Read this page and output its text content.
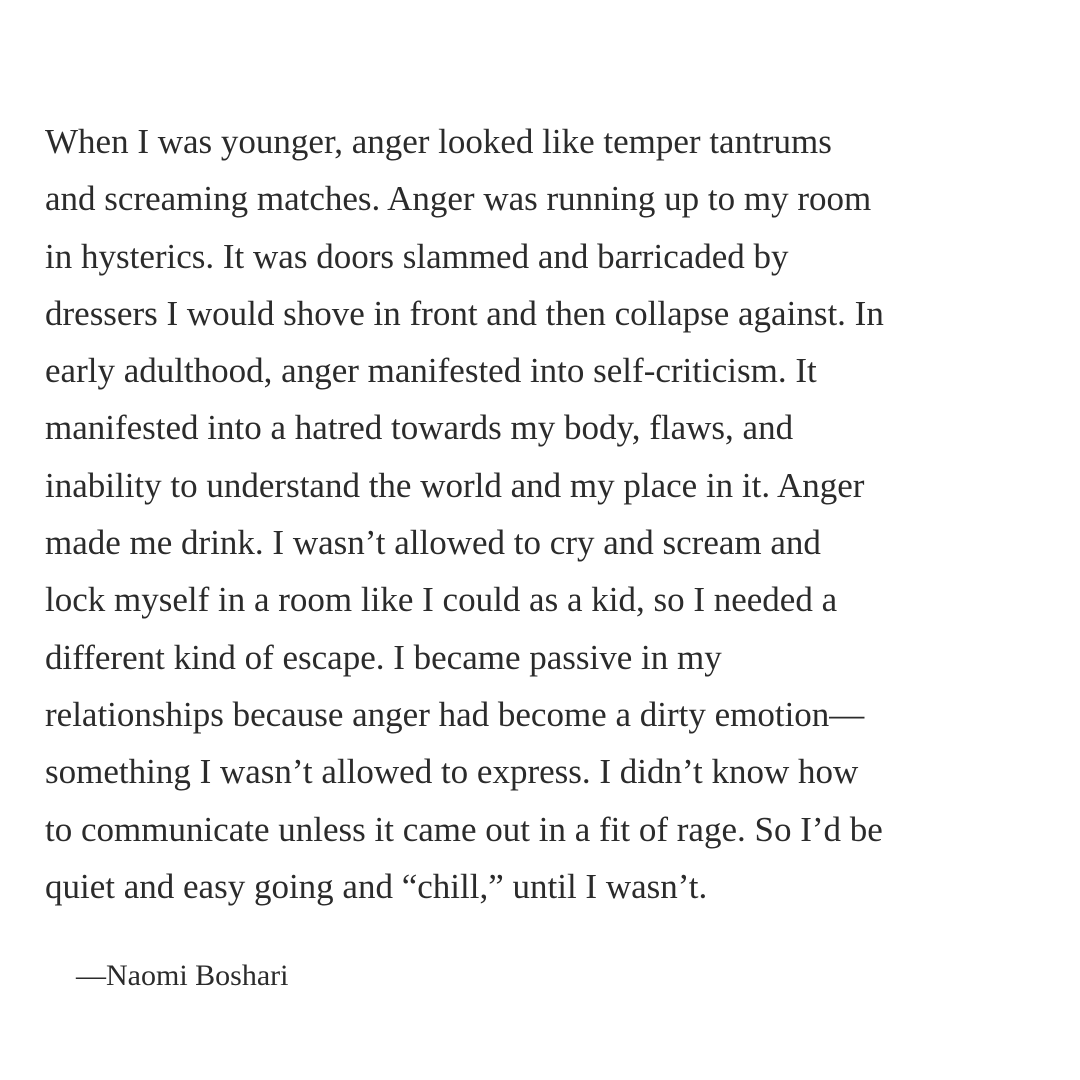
When I was younger, anger looked like temper tantrums
and screaming matches. Anger was running up to my room
in hysterics. It was doors slammed and barricaded by
dressers I would shove in front and then collapse against. In
early adulthood, anger manifested into self-criticism. It
manifested into a hatred towards my body, flaws, and
inability to understand the world and my place in it. Anger
made me drink. I wasn’t allowed to cry and scream and
lock myself in a room like I could as a kid, so I needed a
different kind of escape. I became passive in my
relationships because anger had become a dirty emotion—
something I wasn’t allowed to express. I didn’t know how
to communicate unless it came out in a fit of rage. So I’d be
quiet and easy going and “chill,” until I wasn’t.

—Naomi Boshari
